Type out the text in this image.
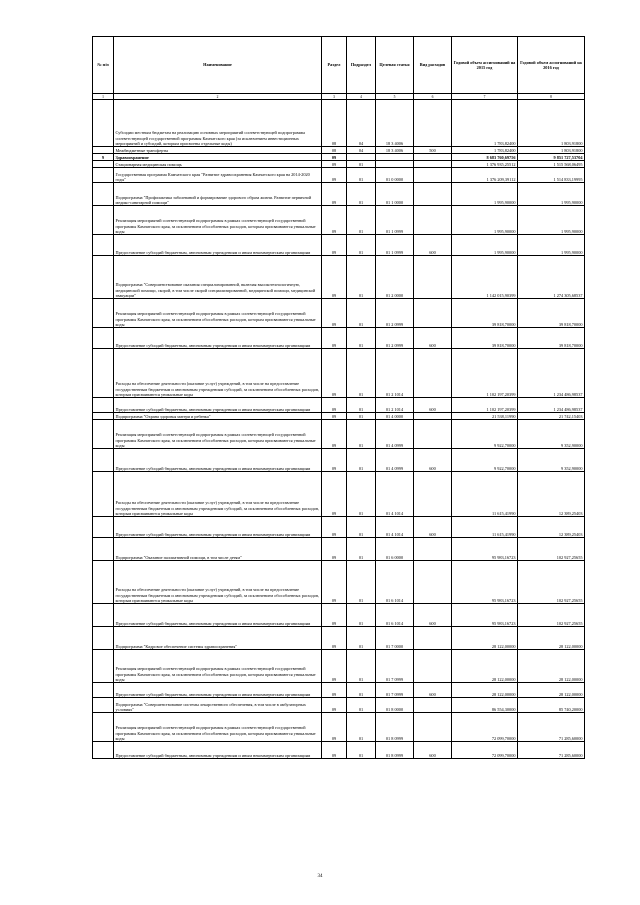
№ п/п	Наименование	Раздел	Подраздел	Целевая статья	Вид расходов	Годовой объем ассигнований на 2015 год	Годовой объем ассигнований на 2016 год
1	2	3	4	5	6	7	8
	Субсидии местным бюджетам на реализацию основных мероприятий соответствующей подпрограммы соответствующей государственной программы Камчатского края (за исключением инвестиционных мероприятий и субсидий, которым присвоены отдельные коды)	08	04	18 3 4006		1 783,82400	1 803,91800
	Межбюджетные трансферты	08	04	18 3 4006	500	1 783,82400	1 803,91800
9	Здравоохранение	09				8 683 760,69756	9 851 727,53704
	Стационарная медицинская помощь	09	01			1 376 935,25512	1 515 568,06495
	Государственная программа Камчатского края "Развитие здравоохранения Камчатского края на 2014-2020 годы"	09	01	01 0 0000		1 376 209,39112	1 514 833,19995
	Подпрограмма "Профилактика заболеваний и формирование здорового образа жизни. Развитие первичной медико-санитарной помощи"	09	01	01 1 0000		1 995,90000	1 995,90000
	Реализация мероприятий соответствующей подпрограммы в рамках соответствующей государственной программы Камчатского края, за исключением обособленных расходов, которым присваиваются уникальные коды	09	01	01 1 0999		1 995,90000	1 995,90000
	Предоставление субсидий бюджетным, автономным учреждениям и иным некоммерческим организациям	09	01	01 1 0999	600	1 995,90000	1 995,90000
	Подпрограмма "Совершенствование оказания специализированной, включая высокотехнологичную, медицинской помощи, скорой, в том числе скорой специализированной, медицинской помощи, медицинской эвакуации"	09	01	01 2 0000		1 142 015,90399	1 274 305,68537
	Реализация мероприятий соответствующей подпрограммы в рамках соответствующей государственной программы Камчатского края, за исключением обособленных расходов, которым присваиваются уникальные коды	09	01	01 2 0999		39 818,70000	39 818,70000
	Предоставление субсидий бюджетным, автономным учреждениям и иным некоммерческим организациям	09	01	01 2 0999	600	39 818,70000	39 818,70000
	Расходы на обеспечение деятельности (оказание услуг) учреждений, в том числе на предоставление государственным бюджетным и автономным учреждениям субсидий, за исключением обособленных расходов, которым присваиваются уникальные коды	09	01	01 2 1014		1 102 197,20399	1 234 486,98537
	Предоставление субсидий бюджетным, автономным учреждениям и иным некоммерческим организациям	09	01	01 2 1014	600	1 102 197,20399	1 234 486,98537
	Подпрограмма "Охрана здоровья матери и ребенка"	09	01	01 4 0000		21 538,11990	21 742,15403
	Реализация мероприятий соответствующей подпрограммы в рамках соответствующей государственной программы Камчатского края, за исключением обособленных расходов, которым присваиваются уникальные коды	09	01	01 4 0999		9 922,70000	9 352,90000
	Предоставление субсидий бюджетным, автономным учреждениям и иным некоммерческим организациям	09	01	01 4 0999	600	9 922,70000	9 352,90000
	Расходы на обеспечение деятельности (оказание услуг) учреждений, в том числе на предоставление государственным бюджетным и автономным учреждениям субсидий, за исключением обособленных расходов, которым присваиваются уникальные коды	09	01	01 4 1014		11 615,41990	12 389,25403
	Предоставление субсидий бюджетным, автономным учреждениям и иным некоммерческим организациям	09	01	01 4 1014	600	11 615,41990	12 389,25403
	Подпрограмма "Оказание паллиативной помощи, в том числе детям"	09	01	01 6 0000		95 983,16723	102 927,25655
	Расходы на обеспечение деятельности (оказание услуг) учреждений, в том числе на предоставление государственным бюджетным и автономным учреждениям субсидий, за исключением обособленных расходов, которым присваиваются уникальные коды	09	01	01 6 1014		95 983,16723	102 927,25655
	Предоставление субсидий бюджетным, автономным учреждениям и иным некоммерческим организациям	09	01	01 6 1014	600	95 983,16723	102 927,25655
	Подпрограмма "Кадровое обеспечение системы здравоохранения"	09	01	01 7 0000		28 122,00000	28 122,00000
	Реализация мероприятий соответствующей подпрограммы в рамках соответствующей государственной программы Камчатского края, за исключением обособленных расходов, которым присваиваются уникальные коды	09	01	01 7 0999		28 122,00000	28 122,00000
	Предоставление субсидий бюджетным, автономным учреждениям и иным некоммерческим организациям	09	01	01 7 0999	600	28 122,00000	28 122,00000
	Подпрограмма "Совершенствование системы лекарственного обеспечения, в том числе в амбулаторных условиях"	09	01	01 8 0000		86 554,30000	85 740,20000
	Реализация мероприятий соответствующей подпрограммы в рамках соответствующей государственной программы Камчатского края, за исключением обособленных расходов, которым присваиваются уникальные коды	09	01	01 8 0999		72 099,70000	71 285,60000
	Предоставление субсидий бюджетным, автономным учреждениям и иным некоммерческим организациям	09	01	01 8 0999	600	72 099,70000	71 285,60000
34
